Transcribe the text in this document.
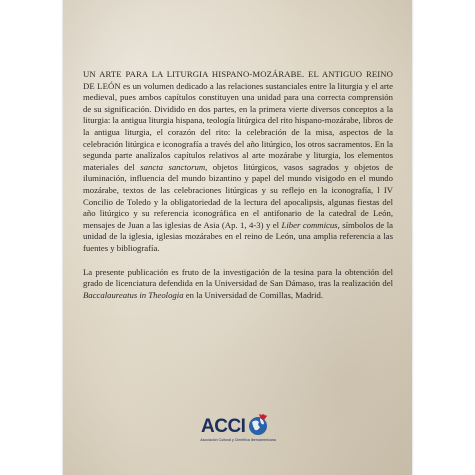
UN ARTE PARA LA LITURGIA HISPANO-MOZÁRABE. EL ANTIGUO REINO DE LEÓN es un volumen dedicado a las relaciones sustanciales entre la liturgia y el arte medieval, pues ambos capítulos constituyen una unidad para una correcta comprensión de su significación. Dividido en dos partes, en la primera vierte diversos conceptos a la liturgia: la antigua liturgia hispana, teología litúrgica del rito hispano-mozárabe, libros de la antigua liturgia, el corazón del rito: la celebración de la misa, aspectos de la celebración litúrgica e iconografía a través del año litúrgico, los otros sacramentos. En la segunda parte analízalos capítulos relativos al arte mozárabe y liturgia, los elementos materiales del sancta sanctorum, objetos litúrgicos, vasos sagrados y objetos de iluminación, influencia del mundo bizantino y papel del mundo visigodo en el mundo mozárabe, textos de las celebraciones litúrgicas y su reflejo en la iconografía, l IV Concilio de Toledo y la obligatoriedad de la lectura del apocalipsis, algunas fiestas del año litúrgico y su referencia iconográfica en el antifonario de la catedral de León, mensajes de Juan a las iglesias de Asia (Ap. 1, 4-3) y el Liber commicus, símbolos de la unidad de la iglesia, iglesias mozárabes en el reino de León, una amplia referencia a las fuentes y bibliografía.

La presente publicación es fruto de la investigación de la tesina para la obtención del grado de licenciatura defendida en la Universidad de San Dámaso, tras la realización del Baccalaureatus in Theologia en la Universidad de Comillas, Madrid.

ACCI
Asociación Cultural y Científica Iberoamericana
